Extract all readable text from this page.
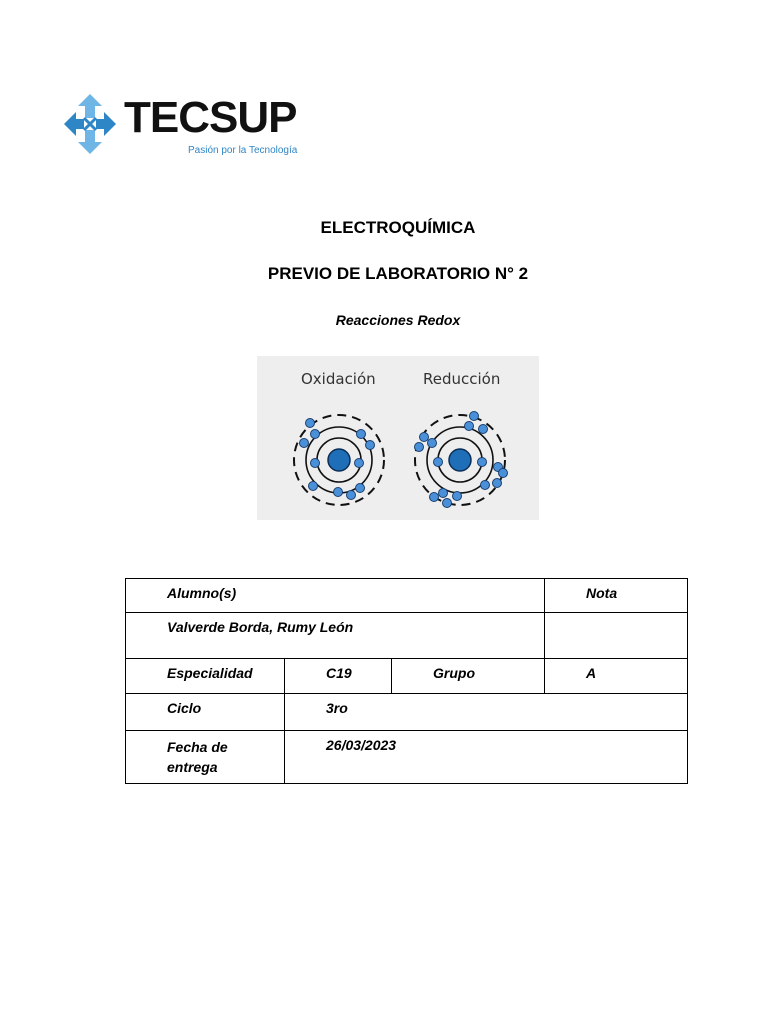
TECSUP
Pasión por la Tecnología
ELECTROQUÍMICA
PREVIO DE LABORATORIO N° 2
Reacciones Redox
Oxidación	Reducción
Alumno(s)			Nota
Valverde Borda, Rumy León			
Especialidad	C19	Grupo	A
Ciclo	3ro		
Fecha de entrega	26/03/2023		
